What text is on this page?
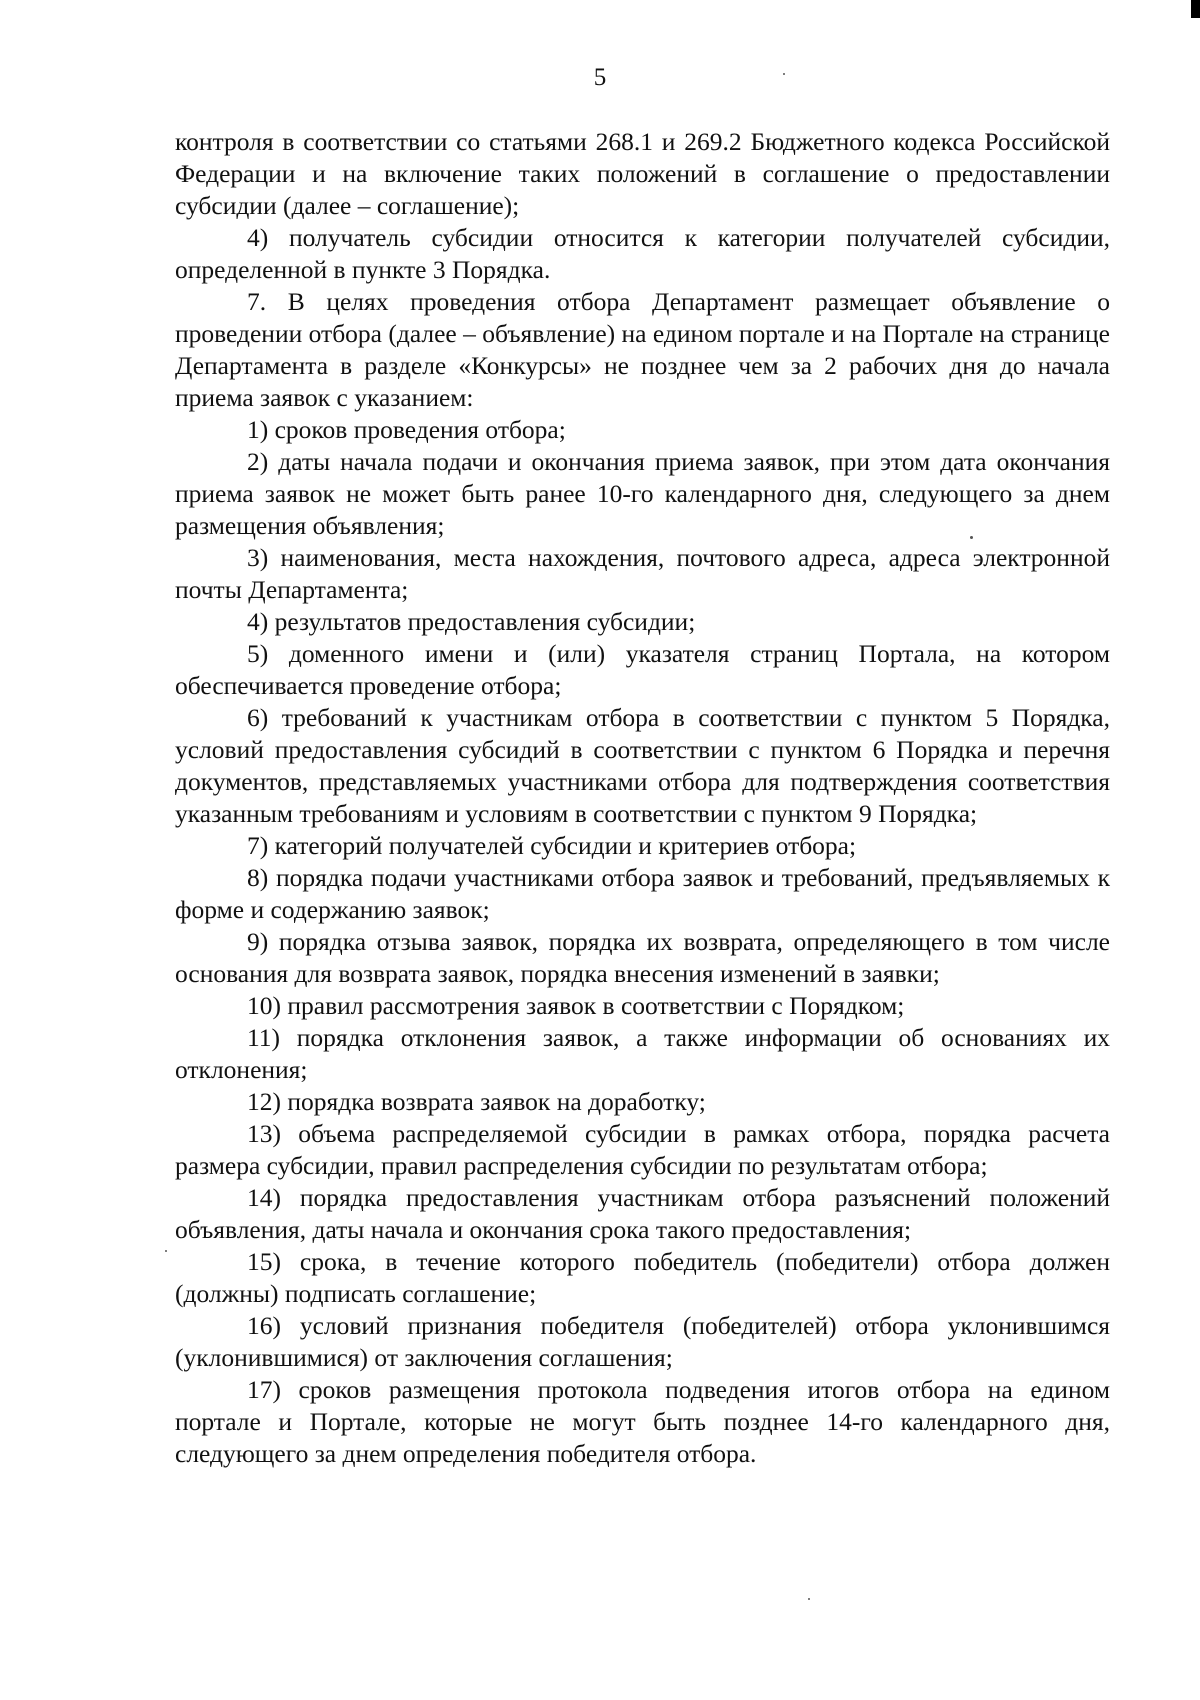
5

контроля в соответствии со статьями 268.1 и 269.2 Бюджетного кодекса Российской Федерации и на включение таких положений в соглашение о предоставлении субсидии (далее – соглашение);

4) получатель субсидии относится к категории получателей субсидии, определенной в пункте 3 Порядка.

7. В целях проведения отбора Департамент размещает объявление о проведении отбора (далее – объявление) на едином портале и на Портале на странице Департамента в разделе «Конкурсы» не позднее чем за 2 рабочих дня до начала приема заявок с указанием:

1) сроков проведения отбора;

2) даты начала подачи и окончания приема заявок, при этом дата окончания приема заявок не может быть ранее 10-го календарного дня, следующего за днем размещения объявления;

3) наименования, места нахождения, почтового адреса, адреса электронной почты Департамента;

4) результатов предоставления субсидии;

5) доменного имени и (или) указателя страниц Портала, на котором обеспечивается проведение отбора;

6) требований к участникам отбора в соответствии с пунктом 5 Порядка, условий предоставления субсидий в соответствии с пунктом 6 Порядка и перечня документов, представляемых участниками отбора для подтверждения соответствия указанным требованиям и условиям в соответствии с пунктом 9 Порядка;

7) категорий получателей субсидии и критериев отбора;

8) порядка подачи участниками отбора заявок и требований, предъявляемых к форме и содержанию заявок;

9) порядка отзыва заявок, порядка их возврата, определяющего в том числе основания для возврата заявок, порядка внесения изменений в заявки;

10) правил рассмотрения заявок в соответствии с Порядком;

11) порядка отклонения заявок, а также информации об основаниях их отклонения;

12) порядка возврата заявок на доработку;

13) объема распределяемой субсидии в рамках отбора, порядка расчета размера субсидии, правил распределения субсидии по результатам отбора;

14) порядка предоставления участникам отбора разъяснений положений объявления, даты начала и окончания срока такого предоставления;

15) срока, в течение которого победитель (победители) отбора должен (должны) подписать соглашение;

16) условий признания победителя (победителей) отбора уклонившимся (уклонившимися) от заключения соглашения;

17) сроков размещения протокола подведения итогов отбора на едином портале и Портале, которые не могут быть позднее 14-го календарного дня, следующего за днем определения победителя отбора.
